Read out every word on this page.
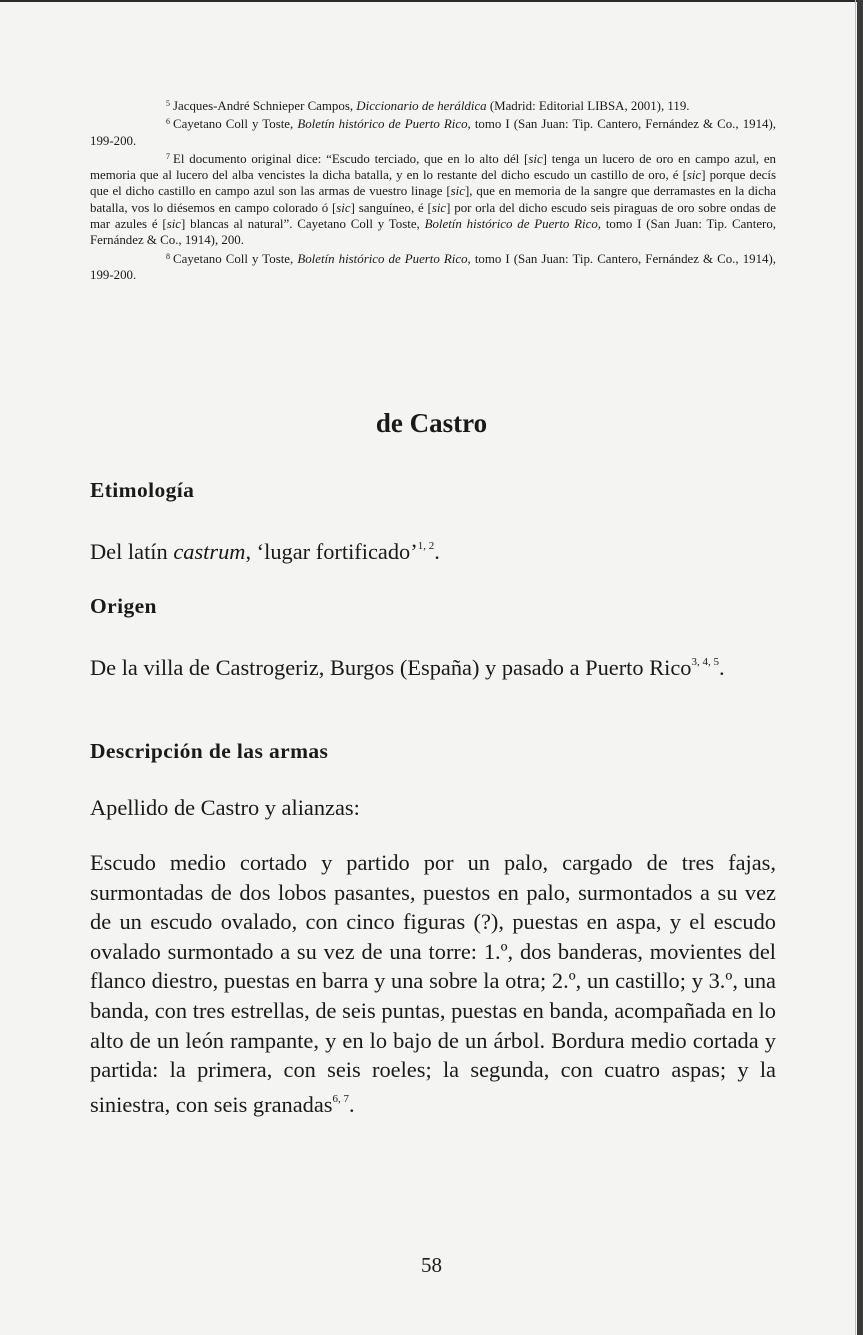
$^5$ Jacques-André Schnieper Campos, Diccionario de heráldica (Madrid: Editorial LIBSA, 2001), 119.

$^6$ Cayetano Coll y Toste, Boletín histórico de Puerto Rico, tomo I (San Juan: Tip. Cantero, Fernández & Co., 1914), 199-200.

$^7$ El documento original dice: “Escudo terciado, que en lo alto dél [sic] tenga un lucero de oro en campo azul, en memoria que al lucero del alba vencistes la dicha batalla, y en lo restante del dicho escudo un castillo de oro, é [sic] porque decís que el dicho castillo en campo azul son las armas de vuestro linage [sic], que en memoria de la sangre que derramastes en la dicha batalla, vos lo diésemos en campo colorado ó [sic] sanguíneo, é [sic] por orla del dicho escudo seis piraguas de oro sobre ondas de mar azules é [sic] blancas al natural”. Cayetano Coll y Toste, Boletín histórico de Puerto Rico, tomo I (San Juan: Tip. Cantero, Fernández & Co., 1914), 200.

$^8$ Cayetano Coll y Toste, Boletín histórico de Puerto Rico, tomo I (San Juan: Tip. Cantero, Fernández & Co., 1914), 199-200.

de Castro
Etimología

Del latín castrum, ‘lugar fortificado’$^{1, 2}$.

Origen

De la villa de Castrogeriz, Burgos (España) y pasado a Puerto Rico$^{3, 4, 5}$.

Descripción de las armas

Apellido de Castro y alianzas:

Escudo medio cortado y partido por un palo, cargado de tres fajas, surmontadas de dos lobos pasantes, puestos en palo, surmontados a su vez de un escudo ovalado, con cinco figuras (?), puestas en aspa, y el escudo ovalado surmontado a su vez de una torre: 1.º, dos banderas, movientes del flanco diestro, puestas en barra y una sobre la otra; 2.º, un castillo; y 3.º, una banda, con tres estrellas, de seis puntas, puestas en banda, acompañada en lo alto de un león rampante, y en lo bajo de un árbol. Bordura medio cortada y partida: la primera, con seis roeles; la segunda, con cuatro aspas; y la siniestra, con seis granadas$^{6, 7}$.

58
